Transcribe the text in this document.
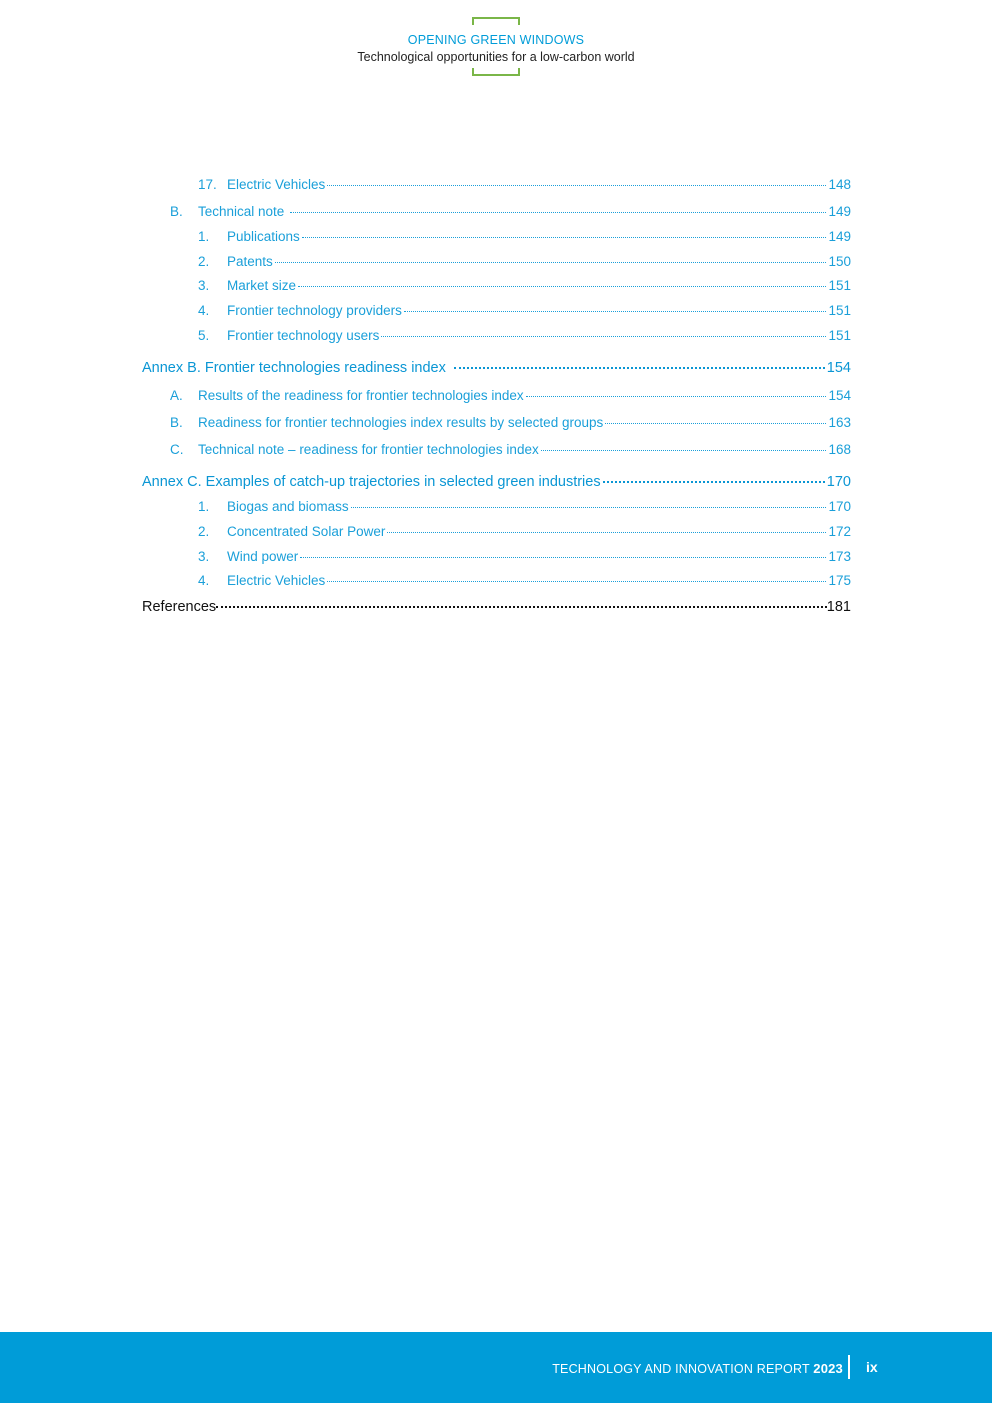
OPENING GREEN WINDOWS
Technological opportunities for a low-carbon world
17. Electric Vehicles	148
B.	Technical note	149
1.	Publications	149
2.	Patents	150
3.	Market size	151
4.	Frontier technology providers	151
5.	Frontier technology users	151
Annex B. Frontier technologies readiness index	154
A.	Results of the readiness for frontier technologies index	154
B.	Readiness for frontier technologies index results by selected groups	163
C.	Technical note – readiness for frontier technologies index	168
Annex C. Examples of catch-up trajectories in selected green industries	170
1.	Biogas and biomass	170
2.	Concentrated Solar Power	172
3.	Wind power	173
4.	Electric Vehicles	175
References	181
TECHNOLOGY AND INNOVATION REPORT 2023 ix
